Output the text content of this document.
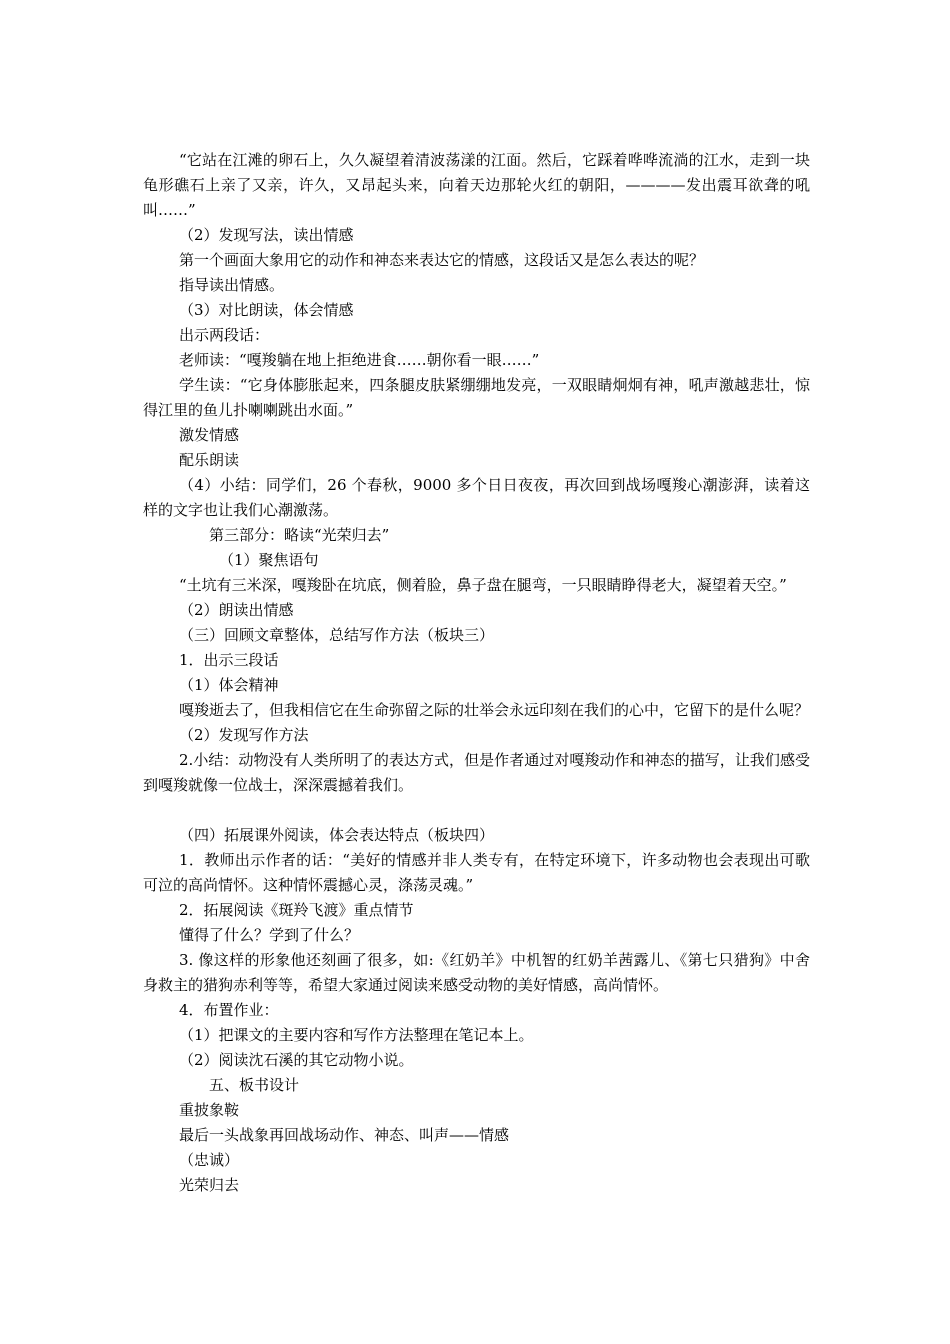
“它站在江滩的卵石上，久久凝望着清波荡漾的江面。然后，它踩着哗哗流淌的江水，走到一块龟形礁石上亲了又亲，许久，又昂起头来，向着天边那轮火红的朝阳，————发出震耳欲聋的吼叫……”

（2）发现写法，读出情感

第一个画面大象用它的动作和神态来表达它的情感，这段话又是怎么表达的呢？

指导读出情感。

（3）对比朗读，体会情感

出示两段话：

老师读：“嘎羧躺在地上拒绝进食……朝你看一眼……”

学生读：“它身体膨胀起来，四条腿皮肤紧绷绷地发亮，一双眼睛炯炯有神，吼声激越悲壮，惊得江里的鱼儿扑喇喇跳出水面。”

激发情感

配乐朗读

（4）小结：同学们，26 个春秋，9000 多个日日夜夜，再次回到战场嘎羧心潮澎湃，读着这样的文字也让我们心潮激荡。

第三部分：略读“光荣归去”

（1）聚焦语句

“土坑有三米深，嘎羧卧在坑底，侧着脸，鼻子盘在腿弯，一只眼睛睁得老大，凝望着天空。”

（2）朗读出情感

（三）回顾文章整体，总结写作方法（板块三）

1．出示三段话

（1）体会精神

嘎羧逝去了，但我相信它在生命弥留之际的壮举会永远印刻在我们的心中，它留下的是什么呢？

（2）发现写作方法

2.小结：动物没有人类所明了的表达方式，但是作者通过对嘎羧动作和神态的描写，让我们感受到嘎羧就像一位战士，深深震撼着我们。

（四）拓展课外阅读，体会表达特点（板块四）

1．教师出示作者的话：“美好的情感并非人类专有，在特定环境下，许多动物也会表现出可歌可泣的高尚情怀。这种情怀震撼心灵，涤荡灵魂。”

2．拓展阅读《斑羚飞渡》重点情节

懂得了什么？学到了什么？

3. 像这样的形象他还刻画了很多，如:《红奶羊》中机智的红奶羊茜露儿、《第七只猎狗》中舍身救主的猎狗赤利等等，希望大家通过阅读来感受动物的美好情感，高尚情怀。

4．布置作业：

（1）把课文的主要内容和写作方法整理在笔记本上。

（2）阅读沈石溪的其它动物小说。

五、板书设计

重披象鞍

最后一头战象再回战场动作、神态、叫声——情感

（忠诚）

光荣归去
